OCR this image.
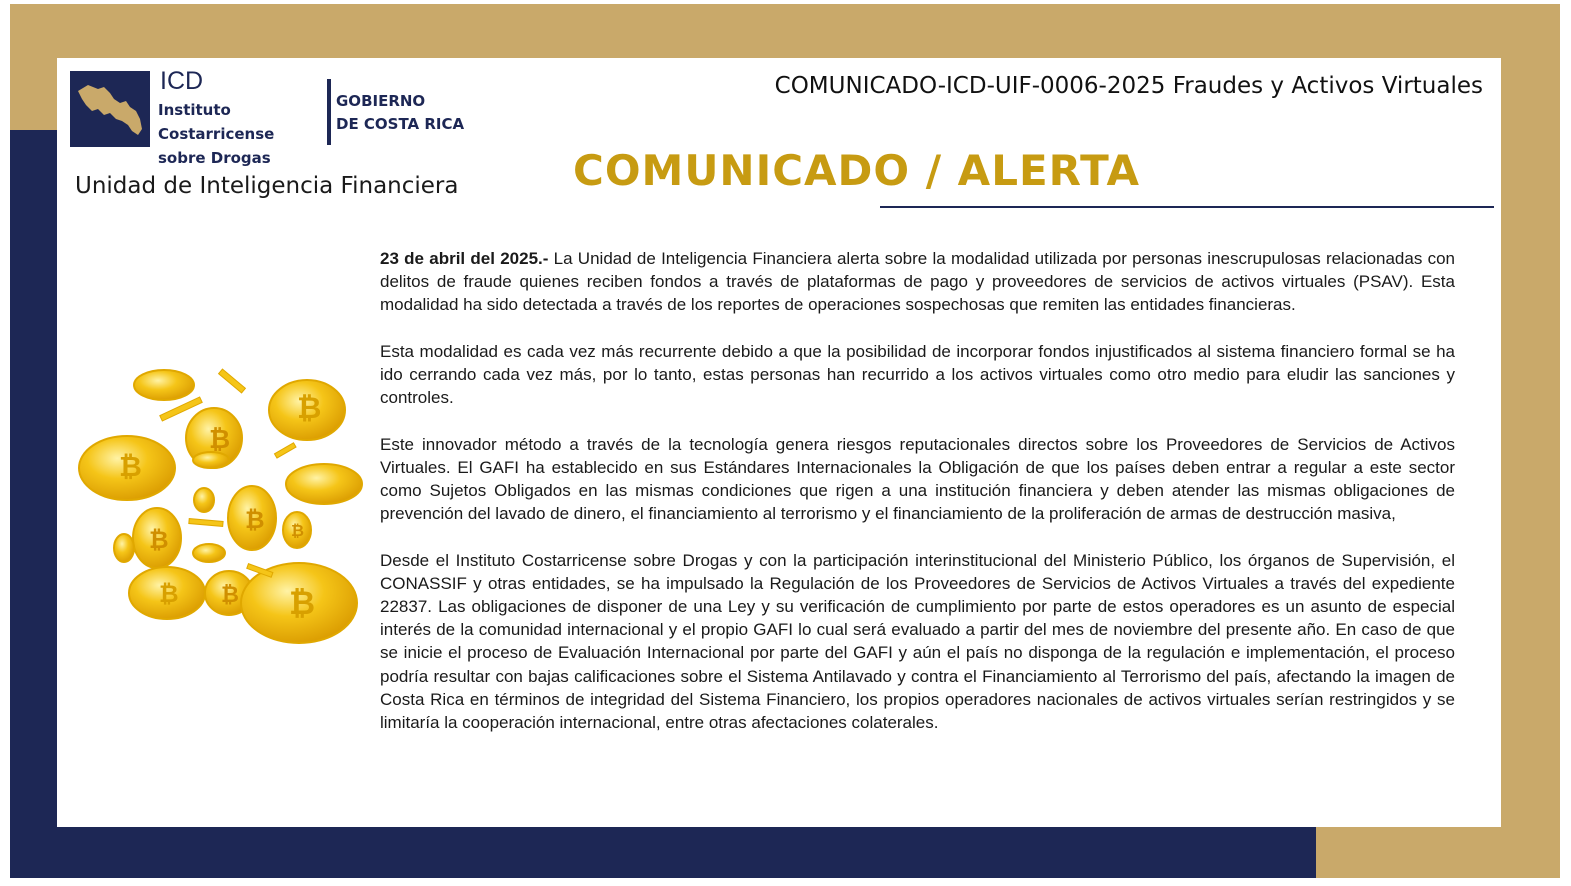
ICD
Instituto
Costarricense
sobre Drogas
GOBIERNO
DE COSTA RICA
Unidad de Inteligencia Financiera
COMUNICADO-ICD-UIF-0006-2025 Fraudes y Activos Virtuales
COMUNICADO / ALERTA
₿
₿
₿
₿
₿	₿
₿ ₿
₿

23 de abril del 2025.- La Unidad de Inteligencia Financiera alerta sobre la modalidad utilizada por personas inescrupulosas relacionadas con delitos de fraude quienes reciben fondos a través de plataformas de pago y proveedores de servicios de activos virtuales (PSAV). Esta modalidad ha sido detectada a través de los reportes de operaciones sospechosas que remiten las entidades financieras.

Esta modalidad es cada vez más recurrente debido a que la posibilidad de incorporar fondos injustificados al sistema financiero formal se ha ido cerrando cada vez más, por lo tanto, estas personas han recurrido a los activos virtuales como otro medio para eludir las sanciones y controles.

Este innovador método a través de la tecnología genera riesgos reputacionales directos sobre los Proveedores de Servicios de Activos Virtuales. El GAFI ha establecido en sus Estándares Internacionales la Obligación de que los países deben entrar a regular a este sector como Sujetos Obligados en las mismas condiciones que rigen a una institución financiera y deben atender las mismas obligaciones de prevención del lavado de dinero, el financiamiento al terrorismo y el financiamiento de la proliferación de armas de destrucción masiva,

Desde el Instituto Costarricense sobre Drogas y con la participación interinstitucional del Ministerio Público, los órganos de Supervisión, el CONASSIF y otras entidades, se ha impulsado la Regulación de los Proveedores de Servicios de Activos Virtuales a través del expediente 22837. Las obligaciones de disponer de una Ley y su verificación de cumplimiento por parte de estos operadores es un asunto de especial interés de la comunidad internacional y el propio GAFI lo cual será evaluado a partir del mes de noviembre del presente año. En caso de que se inicie el proceso de Evaluación Internacional por parte del GAFI y aún el país no disponga de la regulación e implementación, el proceso podría resultar con bajas calificaciones sobre el Sistema Antilavado y contra el Financiamiento al Terrorismo del país, afectando la imagen de Costa Rica en términos de integridad del Sistema Financiero, los propios operadores nacionales de activos virtuales serían restringidos y se limitaría la cooperación internacional, entre otras afectaciones colaterales.
